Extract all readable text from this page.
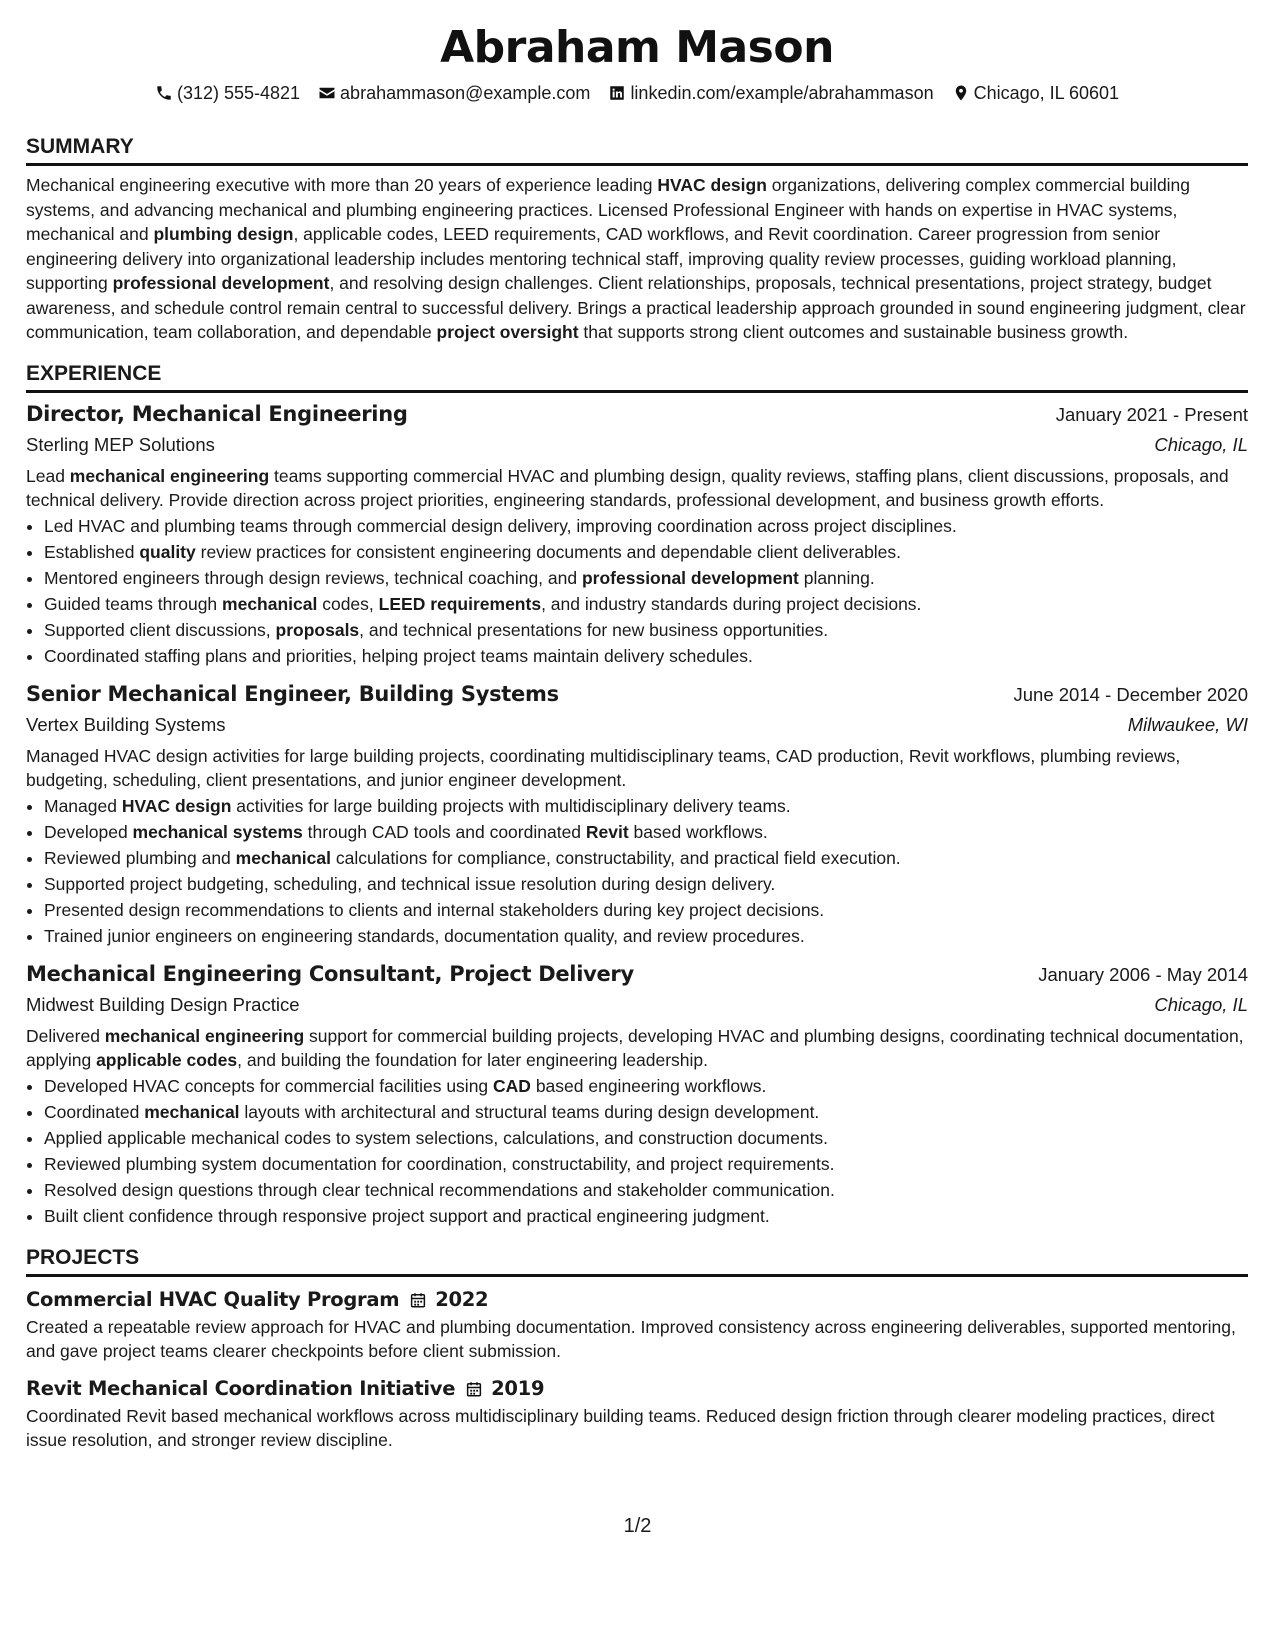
Abraham Mason
(312) 555-4821 abrahammason@example.com linkedin.com/example/abrahammason Chicago, IL 60601
SUMMARY

Mechanical engineering executive with more than 20 years of experience leading HVAC design organizations, delivering complex commercial building systems, and advancing mechanical and plumbing engineering practices. Licensed Professional Engineer with hands on expertise in HVAC systems, mechanical and plumbing design, applicable codes, LEED requirements, CAD workflows, and Revit coordination. Career progression from senior engineering delivery into organizational leadership includes mentoring technical staff, improving quality review processes, guiding workload planning, supporting professional development, and resolving design challenges. Client relationships, proposals, technical presentations, project strategy, budget awareness, and schedule control remain central to successful delivery. Brings a practical leadership approach grounded in sound engineering judgment, clear communication, team collaboration, and dependable project oversight that supports strong client outcomes and sustainable business growth.

EXPERIENCE
Director, Mechanical Engineering	January 2021 - Present
Sterling MEP Solutions	Chicago, IL
Lead mechanical engineering teams supporting commercial HVAC and plumbing design, quality reviews, staffing plans, client discussions, proposals, and technical delivery. Provide direction across project priorities, engineering standards, professional development, and business growth efforts.
• Led HVAC and plumbing teams through commercial design delivery, improving coordination across project disciplines.
• Established quality review practices for consistent engineering documents and dependable client deliverables.
• Mentored engineers through design reviews, technical coaching, and professional development planning.
• Guided teams through mechanical codes, LEED requirements, and industry standards during project decisions.
• Supported client discussions, proposals, and technical presentations for new business opportunities.
• Coordinated staffing plans and priorities, helping project teams maintain delivery schedules.
Senior Mechanical Engineer, Building Systems	June 2014 - December 2020
Vertex Building Systems	Milwaukee, WI
Managed HVAC design activities for large building projects, coordinating multidisciplinary teams, CAD production, Revit workflows, plumbing reviews, budgeting, scheduling, client presentations, and junior engineer development.
• Managed HVAC design activities for large building projects with multidisciplinary delivery teams.
• Developed mechanical systems through CAD tools and coordinated Revit based workflows.
• Reviewed plumbing and mechanical calculations for compliance, constructability, and practical field execution.
• Supported project budgeting, scheduling, and technical issue resolution during design delivery.
• Presented design recommendations to clients and internal stakeholders during key project decisions.
• Trained junior engineers on engineering standards, documentation quality, and review procedures.
Mechanical Engineering Consultant, Project Delivery	January 2006 - May 2014
Midwest Building Design Practice	Chicago, IL
Delivered mechanical engineering support for commercial building projects, developing HVAC and plumbing designs, coordinating technical documentation, applying applicable codes, and building the foundation for later engineering leadership.
• Developed HVAC concepts for commercial facilities using CAD based engineering workflows.
• Coordinated mechanical layouts with architectural and structural teams during design development.
• Applied applicable mechanical codes to system selections, calculations, and construction documents.
• Reviewed plumbing system documentation for coordination, constructability, and project requirements.
• Resolved design questions through clear technical recommendations and stakeholder communication.
• Built client confidence through responsive project support and practical engineering judgment.
PROJECTS
Commercial HVAC Quality Program 2022

Created a repeatable review approach for HVAC and plumbing documentation. Improved consistency across engineering deliverables, supported mentoring, and gave project teams clearer checkpoints before client submission.

Revit Mechanical Coordination Initiative 2019

Coordinated Revit based mechanical workflows across multidisciplinary building teams. Reduced design friction through clearer modeling practices, direct issue resolution, and stronger review discipline.

1/2
